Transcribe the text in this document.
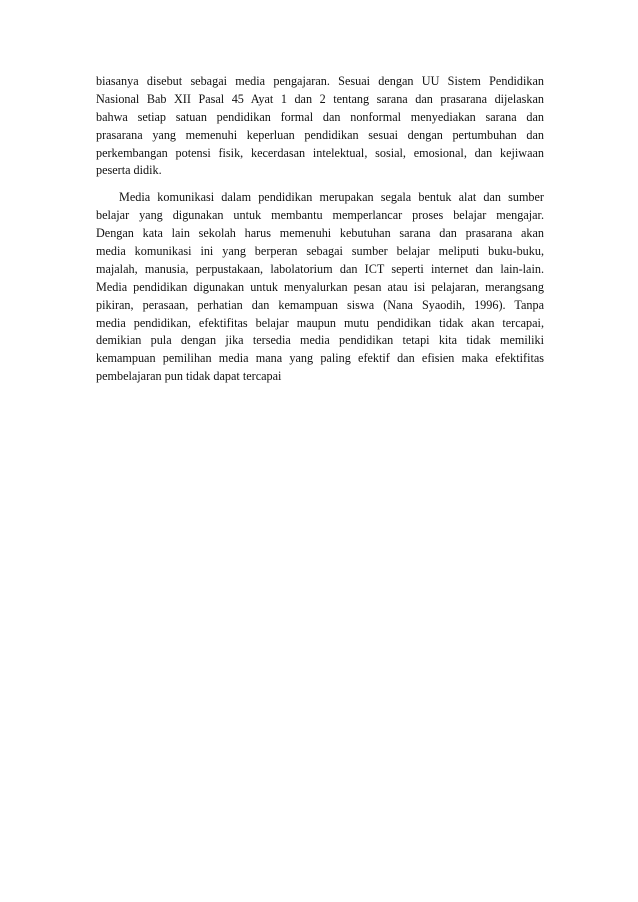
biasanya disebut sebagai media pengajaran. Sesuai dengan UU Sistem Pendidikan
Nasional Bab XII Pasal 45 Ayat 1 dan 2 tentang sarana dan prasarana dijelaskan
bahwa setiap satuan pendidikan formal dan nonformal menyediakan sarana dan
prasarana yang memenuhi keperluan pendidikan sesuai dengan pertumbuhan dan
perkembangan potensi fisik, kecerdasan intelektual, sosial, emosional, dan kejiwaan
peserta didik.
Media komunikasi dalam pendidikan merupakan segala bentuk alat dan sumber
belajar yang digunakan untuk membantu memperlancar proses belajar mengajar.
Dengan kata lain sekolah harus memenuhi kebutuhan sarana dan prasarana akan
media komunikasi ini yang berperan sebagai sumber belajar meliputi buku-buku,
majalah, manusia, perpustakaan, labolatorium dan ICT seperti internet dan lain-lain.
Media pendidikan digunakan untuk menyalurkan pesan atau isi pelajaran, merangsang
pikiran, perasaan, perhatian dan kemampuan siswa (Nana Syaodih, 1996). Tanpa
media pendidikan, efektifitas belajar maupun mutu pendidikan tidak akan tercapai,
demikian pula dengan jika tersedia media pendidikan tetapi kita tidak memiliki
kemampuan pemilihan media mana yang paling efektif dan efisien maka efektifitas
pembelajaran pun tidak dapat tercapai
